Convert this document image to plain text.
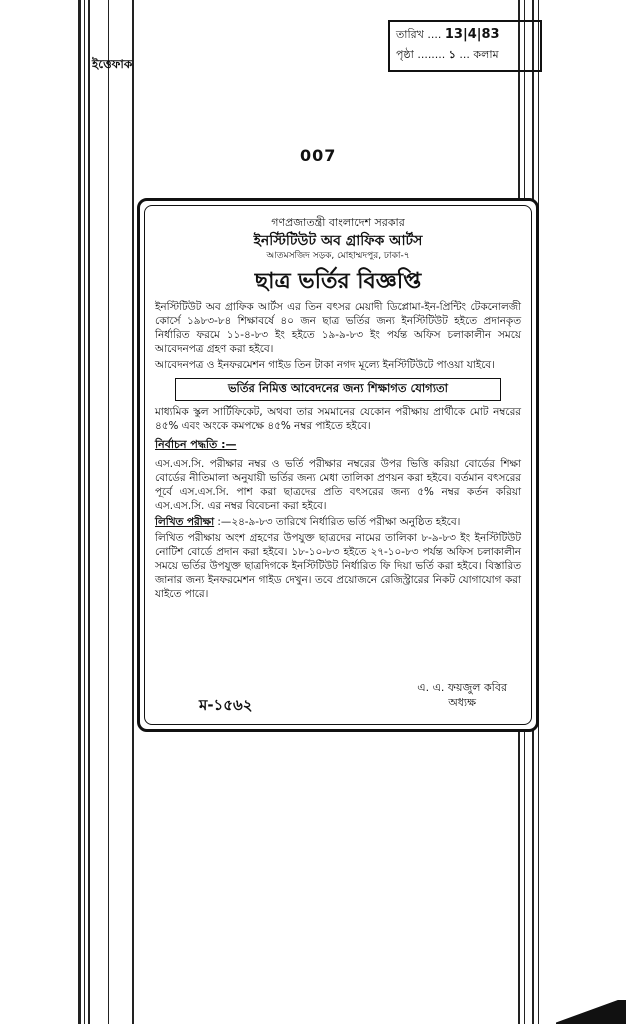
তারিখ .... 13|4|83
পৃষ্ঠা ........ ১ ... কলাম
ইত্তেফাক
007
গণপ্রজাতন্ত্রী বাংলাদেশ সরকার
ইনস্টিটিউট অব গ্রাফিক আর্টস
আতমসজিদ সড়ক, মোহাম্মদপুর, ঢাকা-৭
ছাত্র ভর্তির বিজ্ঞপ্তি
ইনস্টিটিউট অব গ্রাফিক আর্টস এর তিন বৎসর মেয়াদী ডিপ্লোমা-ইন-প্রিন্টিং টেকনোলজী কোর্সে ১৯৮৩-৮৪ শিক্ষাবর্ষে ৪০ জন ছাত্র ভর্তির জন্য ইনস্টিটিউট হইতে প্রদানকৃত নির্ধারিত ফরমে ১১-৪-৮৩ ইং হইতে ১৯-৯-৮৩ ইং পর্যন্ত অফিস চলাকালীন সময়ে আবেদনপত্র গ্রহণ করা হইবে।
আবেদনপত্র ও ইনফরমেশন গাইড তিন টাকা নগদ মূল্যে ইনস্টিটিউটে পাওয়া যাইবে।
ভর্তির নিমিত্ত আবেদনের জন্য শিক্ষাগত যোগ্যতা
মাধ্যমিক স্কুল সার্টিফিকেট, অথবা তার সমমানের যেকোন পরীক্ষায় প্রার্থীকে মোট নম্বরের ৪৫% এবং অংকে কমপক্ষে ৪৫% নম্বর পাইতে হইবে।
নির্বাচন পদ্ধতি :—
এস.এস.সি. পরীক্ষার নম্বর ও ভর্তি পরীক্ষার নম্বরের উপর ভিত্তি করিয়া বোর্ডের শিক্ষা বোর্ডের নীতিমালা অনুযায়ী ভর্তির জন্য মেধা তালিকা প্রণয়ন করা হইবে। বর্তমান বৎসরের পূর্বে এস.এস.সি. পাশ করা ছাত্রদের প্রতি বৎসরের জন্য ৫% নম্বর কর্তন করিয়া এস.এস.সি. এর নম্বর বিবেচনা করা হইবে।
লিখিত পরীক্ষা :—২৪-৯-৮৩ তারিখে নির্ধারিত ভর্তি পরীক্ষা অনুষ্ঠিত হইবে।
লিখিত পরীক্ষায় অংশ গ্রহণের উপযুক্ত ছাত্রদের নামের তালিকা ৮-৯-৮৩ ইং ইনস্টিটিউট নোটিশ বোর্ডে প্রদান করা হইবে। ১৮-১০-৮৩ হইতে ২৭-১০-৮৩ পর্যন্ত অফিস চলাকালীন সময়ে ভর্তির উপযুক্ত ছাত্রদিগকে ইনস্টিটিউট নির্ধারিত ফি দিয়া ভর্তি করা হইবে। বিস্তারিত জানার জন্য ইনফরমেশন গাইড দেখুন। তবে প্রয়োজনে রেজিস্ট্রারের নিকট যোগাযোগ করা যাইতে পারে।
ম-১৫৬২
এ. এ. ফয়জুল কবির
অধ্যক্ষ
